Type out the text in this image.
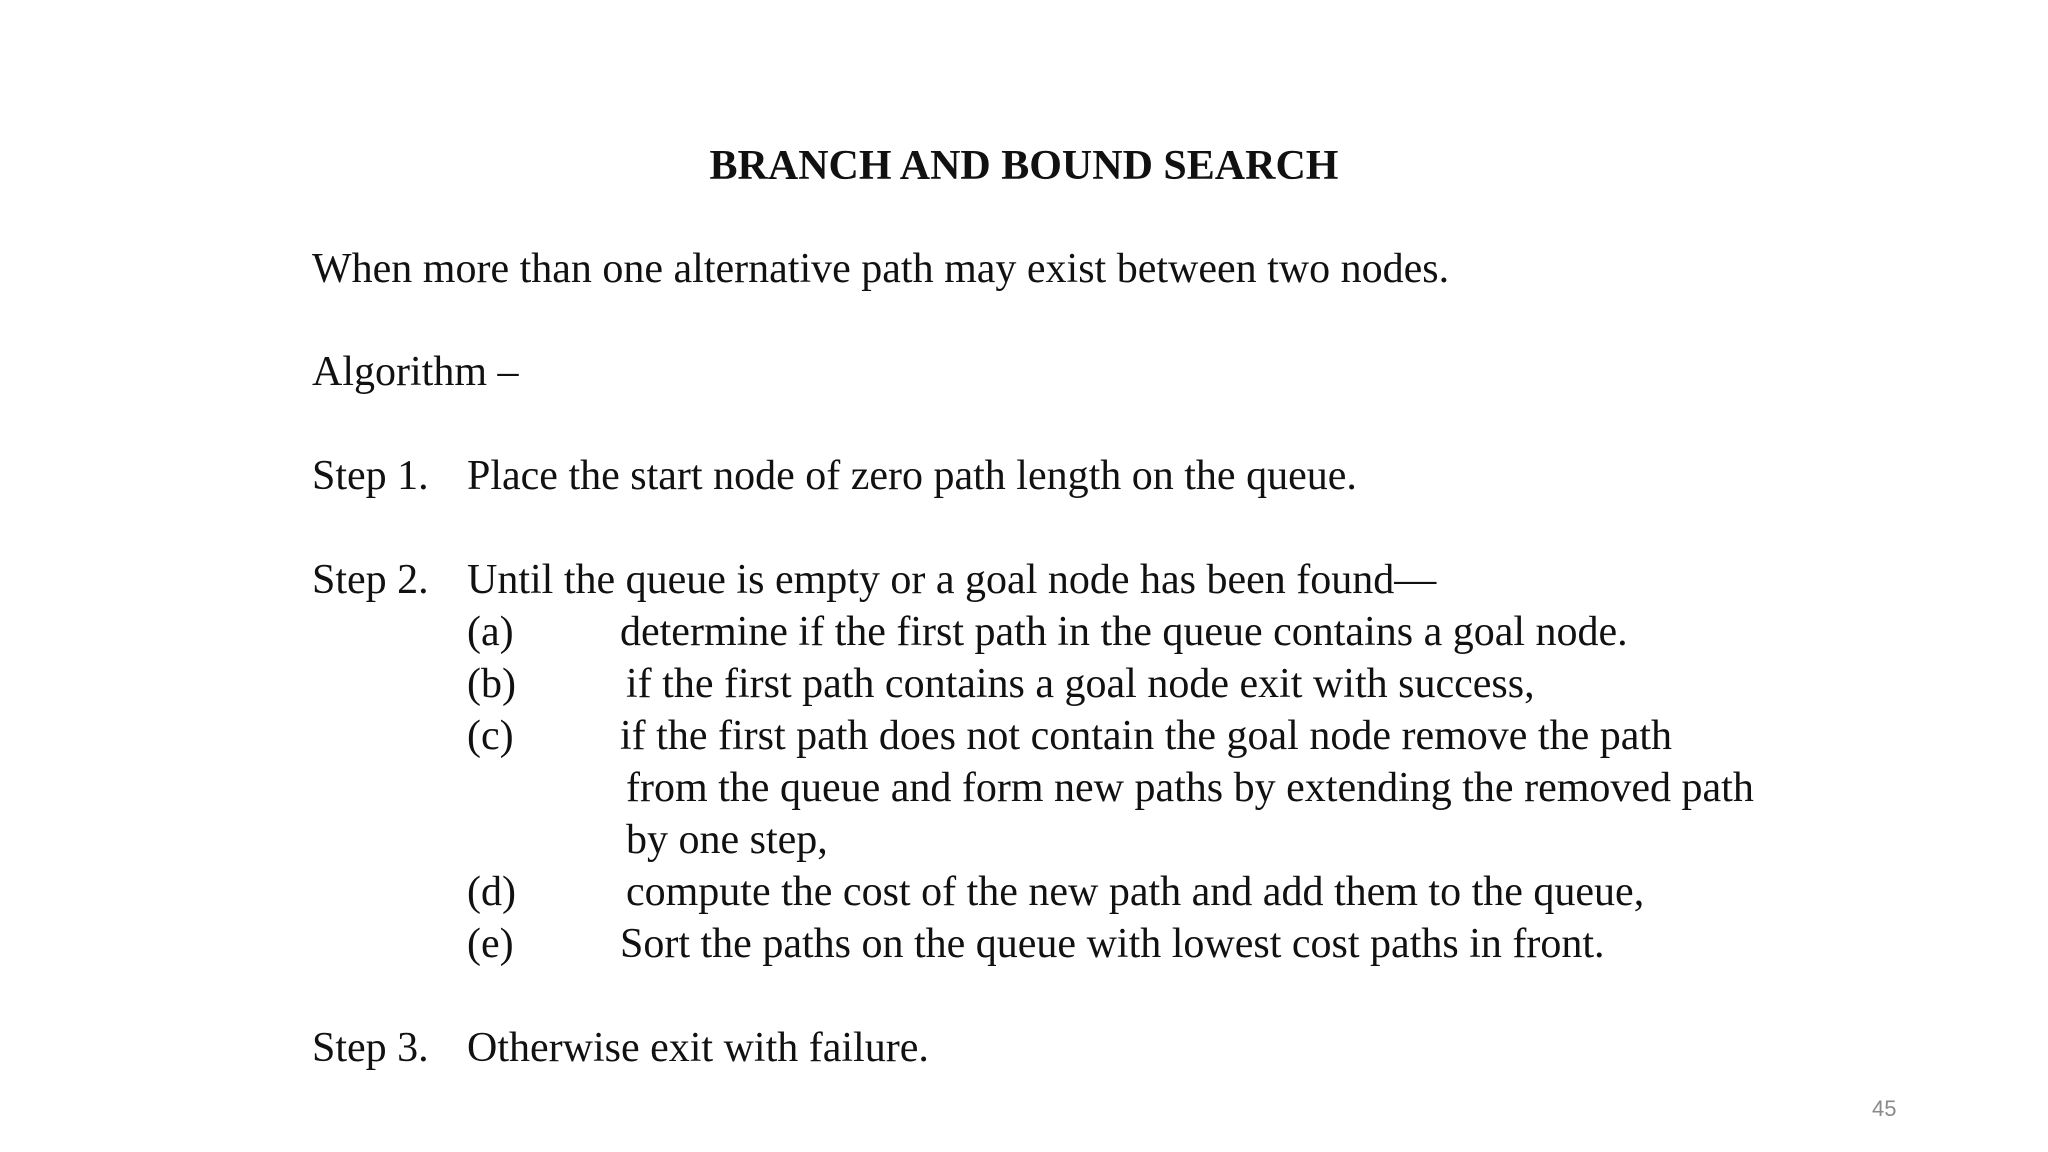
BRANCH AND BOUND SEARCH
When more than one alternative path may exist between two nodes.
Algorithm –
Step 1. Place the start node of zero path length on the queue.
Step 2. Until the queue is empty or a goal node has been found—
(a)	determine if the first path in the queue contains a goal node.
(b)	if the first path contains a goal node exit with success,
(c)	if the first path does not contain the goal node remove the path
from the queue and form new paths by extending the removed path
by one step,
(d)	compute the cost of the new path and add them to the queue,
(e)	Sort the paths on the queue with lowest cost paths in front.
Step 3. Otherwise exit with failure.
45
